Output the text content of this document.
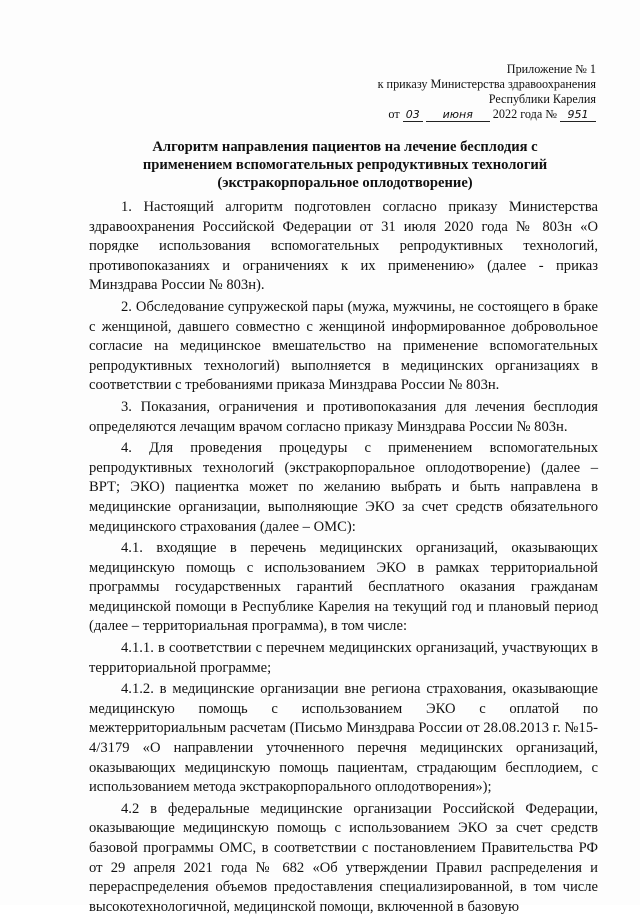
Приложение № 1
к приказу Министерства здравоохранения
Республики Карелия
от 03 июня 2022 года № 951
Алгоритм направления пациентов на лечение бесплодия с
применением вспомогательных репродуктивных технологий
(экстракорпоральное оплодотворение)

1. Настоящий алгоритм подготовлен согласно приказу Министерства здравоохранения Российской Федерации от 31 июля 2020 года № 803н «О порядке использования вспомогательных репродуктивных технологий, противопоказаниях и ограничениях к их применению» (далее - приказ Минздрава России № 803н).

2. Обследование супружеской пары (мужа, мужчины, не состоящего в браке с женщиной, давшего совместно с женщиной информированное добровольное согласие на медицинское вмешательство на применение вспомогательных репродуктивных технологий) выполняется в медицинских организациях в соответствии с требованиями приказа Минздрава России № 803н.

3. Показания, ограничения и противопоказания для лечения бесплодия определяются лечащим врачом согласно приказу Минздрава России № 803н.

4. Для проведения процедуры с применением вспомогательных репродуктивных технологий (экстракорпоральное оплодотворение) (далее – ВРТ; ЭКО) пациентка может по желанию выбрать и быть направлена в медицинские организации, выполняющие ЭКО за счет средств обязательного медицинского страхования (далее – ОМС):

4.1. входящие в перечень медицинских организаций, оказывающих медицинскую помощь с использованием ЭКО в рамках территориальной программы государственных гарантий бесплатного оказания гражданам медицинской помощи в Республике Карелия на текущий год и плановый период (далее – территориальная программа), в том числе:

4.1.1. в соответствии с перечнем медицинских организаций, участвующих в территориальной программе;

4.1.2. в медицинские организации вне региона страхования, оказывающие медицинскую помощь с использованием ЭКО с оплатой по межтерриториальным расчетам (Письмо Минздрава России от 28.08.2013 г. №15-4/3179 «О направлении уточненного перечня медицинских организаций, оказывающих медицинскую помощь пациентам, страдающим бесплодием, с использованием метода экстракорпорального оплодотворения»);

4.2 в федеральные медицинские организации Российской Федерации, оказывающие медицинскую помощь с использованием ЭКО за счет средств базовой программы ОМС, в соответствии с постановлением Правительства РФ от 29 апреля 2021 года № 682 «Об утверждении Правил распределения и перераспределения объемов предоставления специализированной, в том числе высокотехнологичной, медицинской помощи, включенной в базовую
